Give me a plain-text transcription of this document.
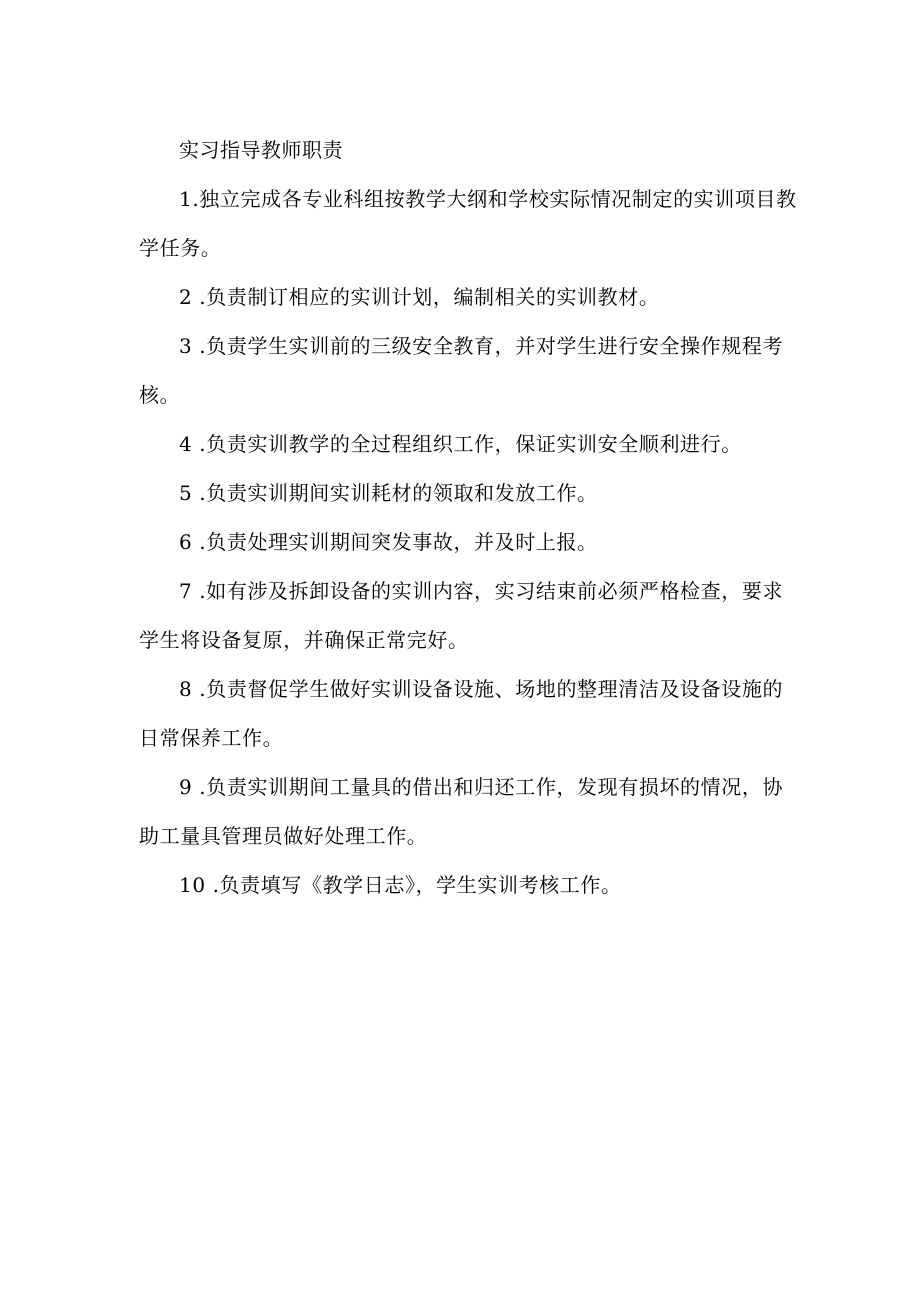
实习指导教师职责

1.独立完成各专业科组按教学大纲和学校实际情况制定的实训项目教学任务。

2 .负责制订相应的实训计划，编制相关的实训教材。

3 .负责学生实训前的三级安全教育，并对学生进行安全操作规程考核。

4 .负责实训教学的全过程组织工作，保证实训安全顺利进行。

5 .负责实训期间实训耗材的领取和发放工作。

6 .负责处理实训期间突发事故，并及时上报。

7 .如有涉及拆卸设备的实训内容，实习结束前必须严格检查，要求学生将设备复原，并确保正常完好。

8 .负责督促学生做好实训设备设施、场地的整理清洁及设备设施的日常保养工作。

9 .负责实训期间工量具的借出和归还工作，发现有损坏的情况，协助工量具管理员做好处理工作。

10 .负责填写《教学日志》，学生实训考核工作。
